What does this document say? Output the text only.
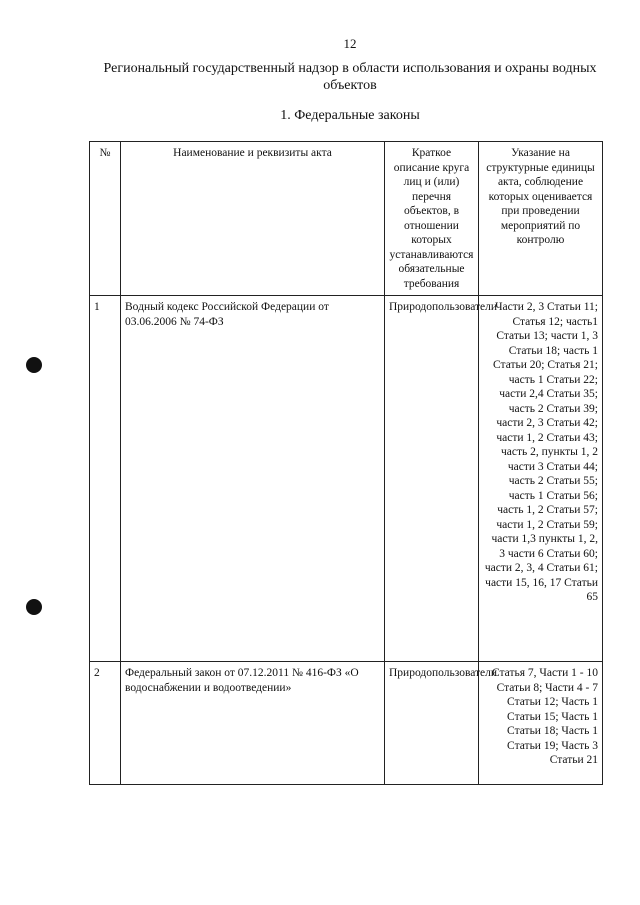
12
Региональный государственный надзор в области использования и охраны водных объектов
1. Федеральные законы
№	Наименование и реквизиты акта	Краткое описание круга лиц и (или) перечня объектов, в отношении которых устанавливаются обязательные требования	Указание на структурные единицы акта, соблюдение которых оценивается при проведении мероприятий по контролю
1	Водный кодекс Российской Федерации от 03.06.2006 № 74-ФЗ	Природопользователи	Части 2, 3 Статьи 11; Статья 12; часть1 Статьи 13; части 1, 3 Статьи 18; часть 1 Статьи 20; Статья 21; часть 1 Статьи 22; части 2,4 Статьи 35; часть 2 Статьи 39; части 2, 3 Статьи 42; части 1, 2 Статьи 43; часть 2, пункты 1, 2 части 3 Статьи 44; часть 2 Статьи 55; часть 1 Статьи 56; часть 1, 2 Статьи 57; части 1, 2 Статьи 59; части 1,3 пункты 1, 2, 3 части 6 Статьи 60; части 2, 3, 4 Статьи 61; части 15, 16, 17 Статьи 65
2	Федеральный закон от 07.12.2011 № 416-ФЗ «О водоснабжении и водоотведении»	Природопользователи	Статья 7, Части 1 - 10 Статьи 8; Части 4 - 7 Статьи 12; Часть 1 Статьи 15; Часть 1 Статьи 18; Часть 1 Статьи 19; Часть 3 Статьи 21
